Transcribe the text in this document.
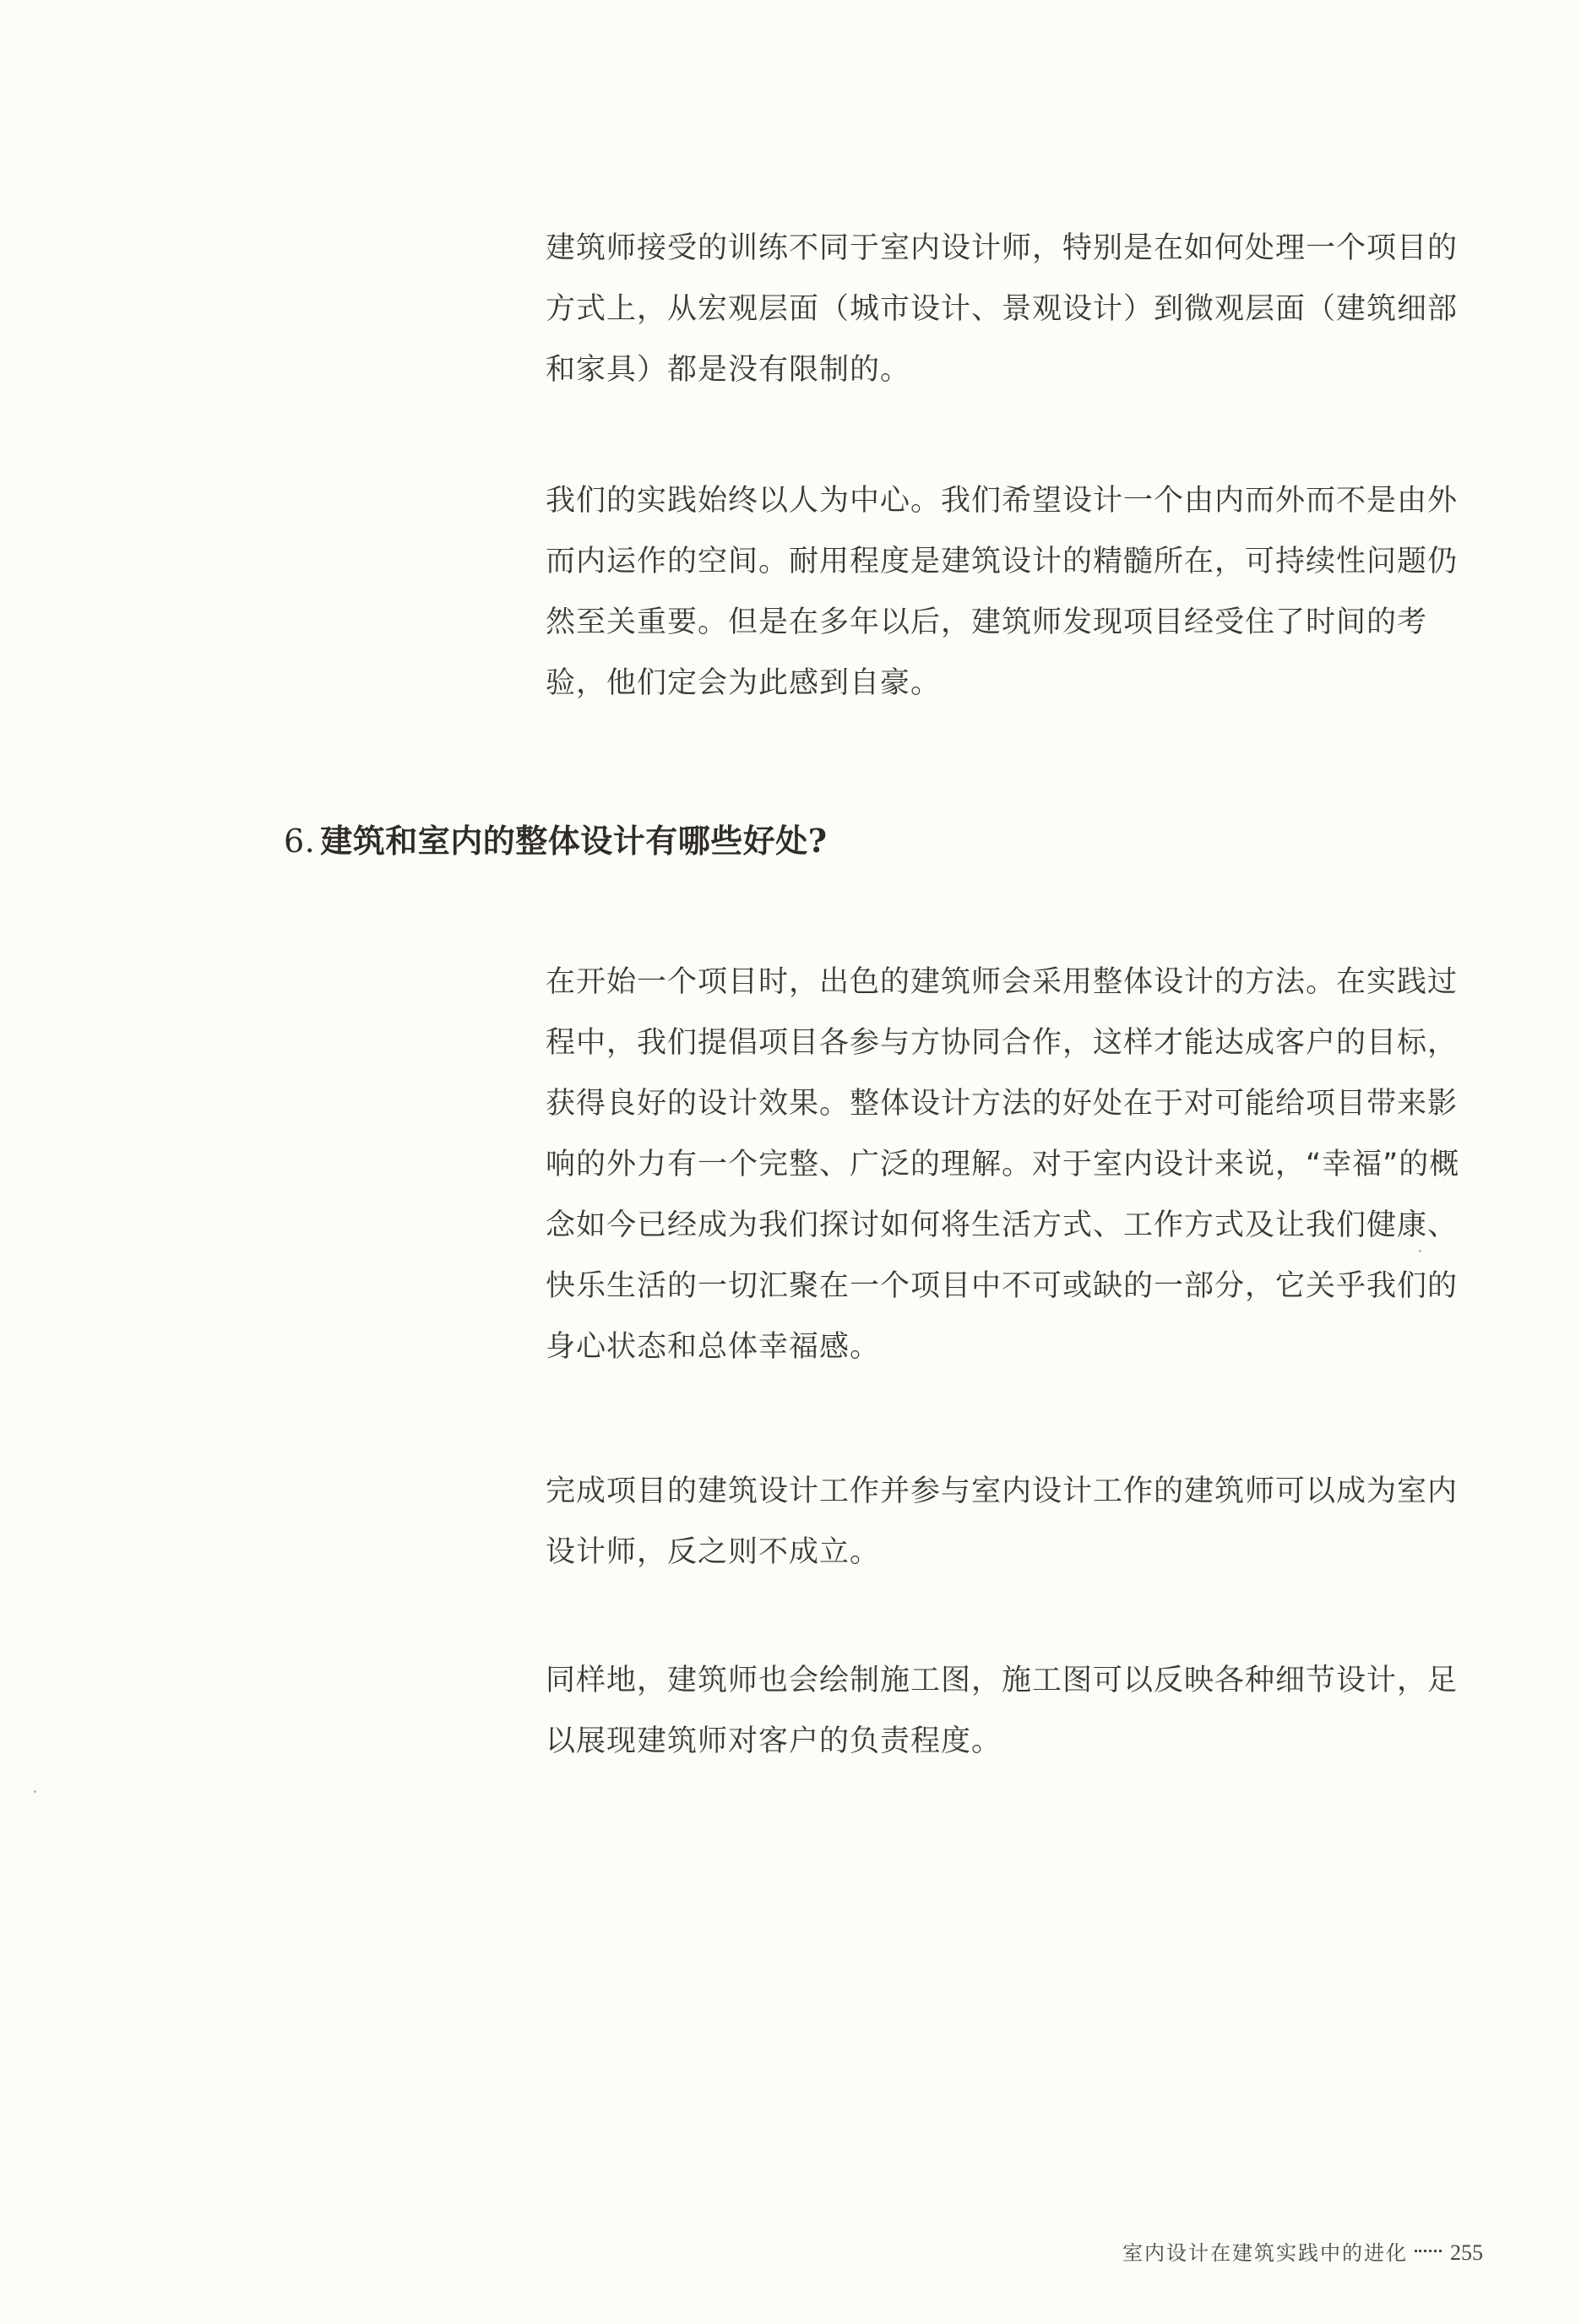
建筑师接受的训练不同于室内设计师，特别是在如何处理一个项目的方式上，从宏观层面（城市设计、景观设计）到微观层面（建筑细部和家具）都是没有限制的。

我们的实践始终以人为中心。我们希望设计一个由内而外而不是由外而内运作的空间。耐用程度是建筑设计的精髓所在，可持续性问题仍然至关重要。但是在多年以后，建筑师发现项目经受住了时间的考验，他们定会为此感到自豪。

6. 建筑和室内的整体设计有哪些好处?

在开始一个项目时，出色的建筑师会采用整体设计的方法。在实践过程中，我们提倡项目各参与方协同合作，这样才能达成客户的目标，获得良好的设计效果。整体设计方法的好处在于对可能给项目带来影响的外力有一个完整、广泛的理解。对于室内设计来说，“幸福”的概念如今已经成为我们探讨如何将生活方式、工作方式及让我们健康、快乐生活的一切汇聚在一个项目中不可或缺的一部分，它关乎我们的身心状态和总体幸福感。

完成项目的建筑设计工作并参与室内设计工作的建筑师可以成为室内设计师，反之则不成立。

同样地，建筑师也会绘制施工图，施工图可以反映各种细节设计，足以展现建筑师对客户的负责程度。

室内设计在建筑实践中的进化 255
